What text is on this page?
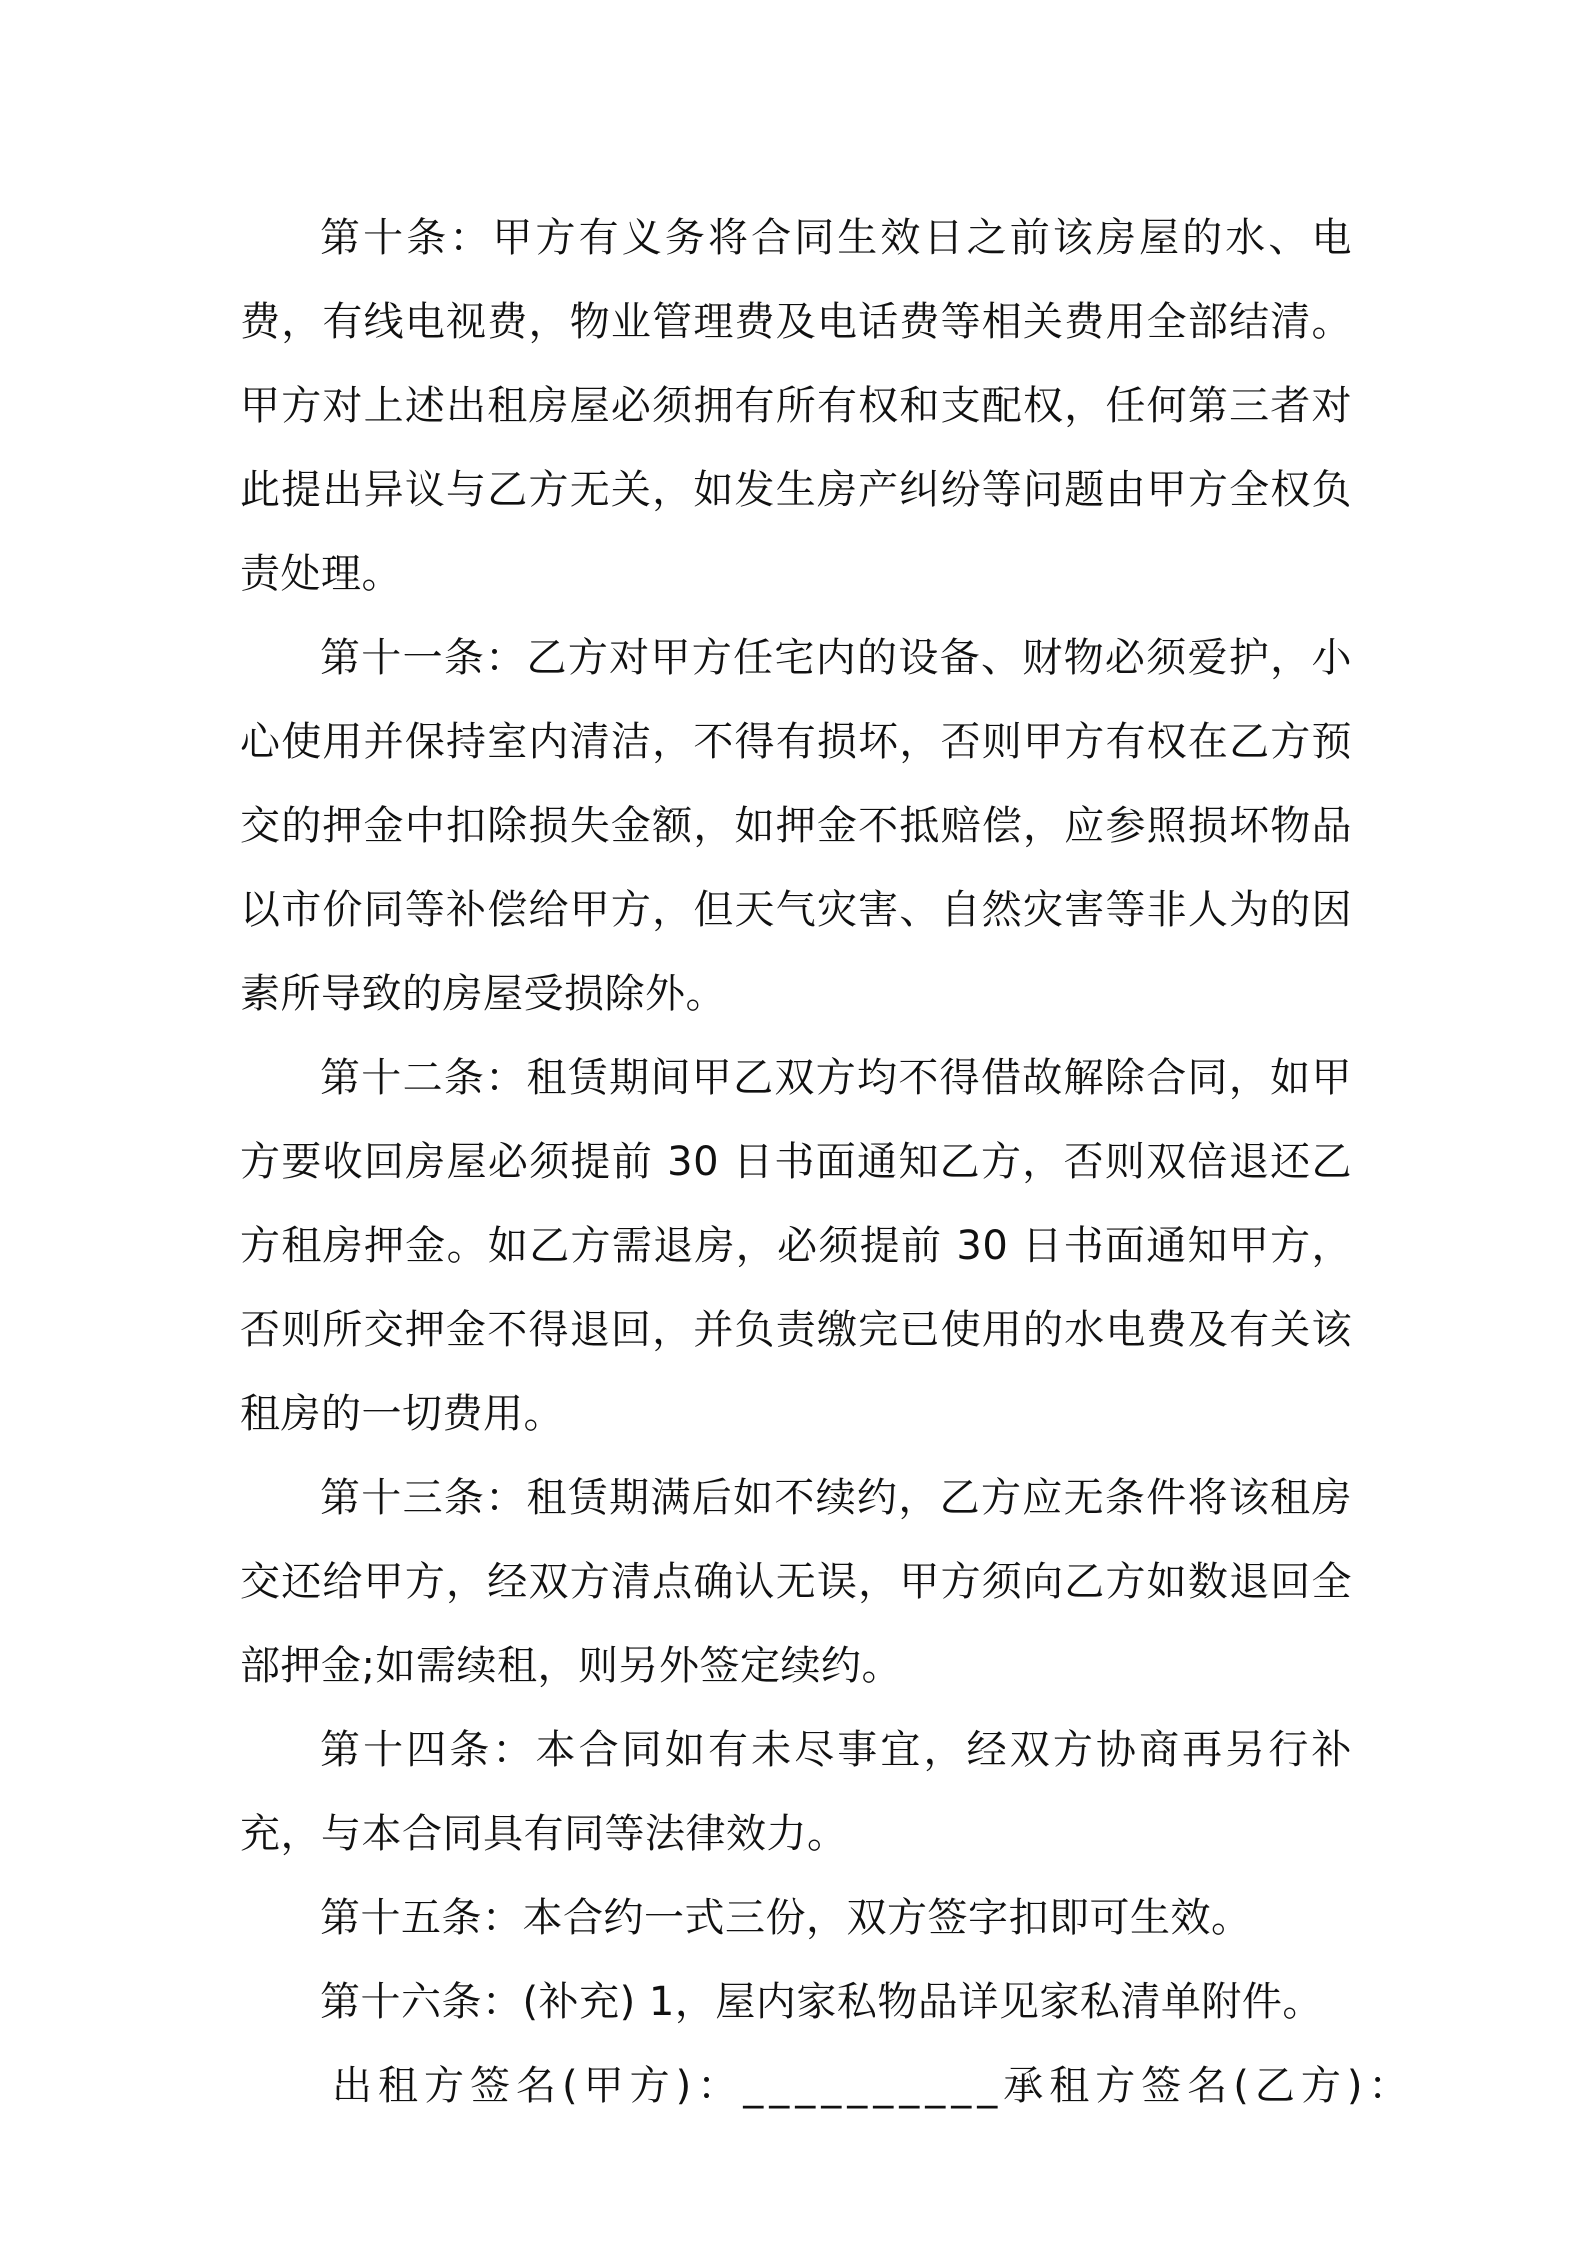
第十条：甲方有义务将合同生效日之前该房屋的水、电费，有线电视费，物业管理费及电话费等相关费用全部结清。甲方对上述出租房屋必须拥有所有权和支配权，任何第三者对此提出异议与乙方无关，如发生房产纠纷等问题由甲方全权负责处理。

第十一条：乙方对甲方任宅内的设备、财物必须爱护，小心使用并保持室内清洁，不得有损坏，否则甲方有权在乙方预交的押金中扣除损失金额，如押金不抵赔偿，应参照损坏物品以市价同等补偿给甲方，但天气灾害、自然灾害等非人为的因素所导致的房屋受损除外。

第十二条：租赁期间甲乙双方均不得借故解除合同，如甲方要收回房屋必须提前 30 日书面通知乙方，否则双倍退还乙方租房押金。如乙方需退房，必须提前 30 日书面通知甲方，否则所交押金不得退回，并负责缴完已使用的水电费及有关该租房的一切费用。

第十三条：租赁期满后如不续约，乙方应无条件将该租房交还给甲方，经双方清点确认无误，甲方须向乙方如数退回全部押金;如需续租，则另外签定续约。

第十四条：本合同如有未尽事宜，经双方协商再另行补充，与本合同具有同等法律效力。

第十五条：本合约一式三份，双方签字扣即可生效。

第十六条：(补充) 1，屋内家私物品详见家私清单附件。

出租方签名(甲方)：__________承租方签名(乙方)：
